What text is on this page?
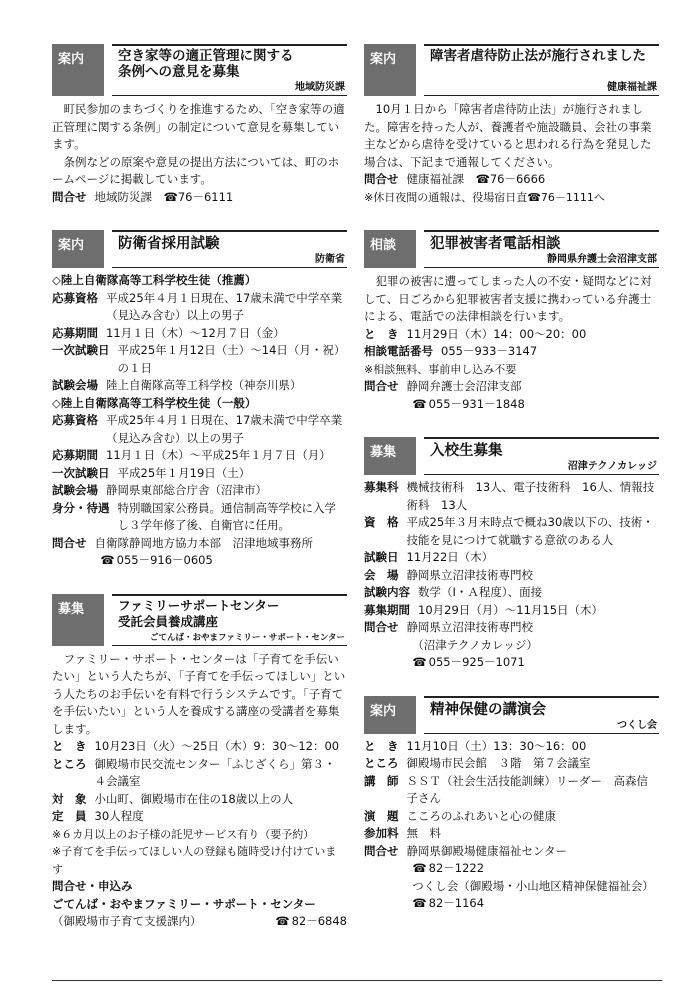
案内	空き家等の適正管理に関する
条例への意見を募集
地域防災課

町民参加のまちづくりを推進するため、「空き家等の適正管理に関する条例」の制定について意見を募集しています。

条例などの原案や意見の提出方法については、町のホームページに掲載しています。

問合せ 地域防災課　☎76－6111
案内	防衛省採用試験
防衛省
◇陸上自衛隊高等工科学校生徒（推薦）
応募資格 平成25年４月１日現在、17歳未満で中学卒業（見込み含む）以上の男子
応募期間 11月１日（木）～12月７日（金）
一次試験日 平成25年１月12日（土）～14日（月・祝）の１日
試験会場 陸上自衛隊高等工科学校（神奈川県）
◇陸上自衛隊高等工科学校生徒（一般）
応募資格 平成25年４月１日現在、17歳未満で中学卒業（見込み含む）以上の男子
応募期間 11月１日（木）～平成25年１月７日（月）
一次試験日 平成25年１月19日（土）
試験会場 静岡県東部総合庁舎（沼津市）
身分・待遇 特別職国家公務員。通信制高等学校に入学し３学年修了後、自衛官に任用。
問合せ 自衛隊静岡地方協力本部　沼津地域事務所
☎ 055－916－0605
募集	ファミリーサポートセンター
受託会員養成講座
ごてんば・おやまファミリー・サポート・センター

ファミリー・サポート・センターは「子育てを手伝いたい」という人たちが、「子育てを手伝ってほしい」という人たちのお手伝いを有料で行うシステムです。「子育てを手伝いたい」という人を養成する講座の受講者を募集します。

と　き 10月23日（火）～25日（木）9：30～12：00
ところ 御殿場市民交流センター「ふじざくら」第３・４会議室
対　象 小山町、御殿場市在住の18歳以上の人
定　員 30人程度
※６カ月以上のお子様の託児サービス有り（要予約）
※子育てを手伝ってほしい人の登録も随時受け付けています
問合せ・申込み
ごてんば・おやまファミリー・サポート・センター
（御殿場市子育て支援課内）
☎	82－6848
案内	障害者虐待防止法が施行されました
健康福祉課

10月１日から「障害者虐待防止法」が施行されました。障害を持った人が、養護者や施設職員、会社の事業主などから虐待を受けていると思われる行為を発見した場合は、下記まで通報してください。

問合せ 健康福祉課　☎76－6666
※休日夜間の通報は、役場宿日直☎76－1111へ
相談	犯罪被害者電話相談
静岡県弁護士会沼津支部

犯罪の被害に遭ってしまった人の不安・疑問などに対して、日ごろから犯罪被害者支援に携わっている弁護士による、電話での法律相談を行います。

と　き 11月29日（木）14：00～20：00
相談電話番号 055－933－3147
※相談無料、事前申し込み不要
問合せ 静岡弁護士会沼津支部
☎ 055－931－1848
募集	入校生募集
沼津テクノカレッジ
募集科 機械技術科　13人、電子技術科　16人、情報技術科　13人
資　格 平成25年３月末時点で概ね30歳以下の、技術・技能を見につけて就職する意欲のある人
試験日 11月22日（木）
会　場 静岡県立沼津技術専門校
試験内容 数学（Ⅰ・Ａ程度）、面接
募集期間 10月29日（月）～11月15日（木）
問合せ 静岡県立沼津技術専門校
（沼津テクノカレッジ）
☎ 055－925－1071
案内	精神保健の講演会
つくし会
と　き 11月10日（土）13：30～16：00
ところ 御殿場市民会館　３階　第７会議室
講　師 ＳＳＴ（社会生活技能訓練）リーダー　高森信子さん
演　題 こころのふれあいと心の健康
参加料 無　料
問合せ 静岡県御殿場健康福祉センター
☎ 82－1222
つくし会（御殿場・小山地区精神保健福祉会）
☎ 82－1164
